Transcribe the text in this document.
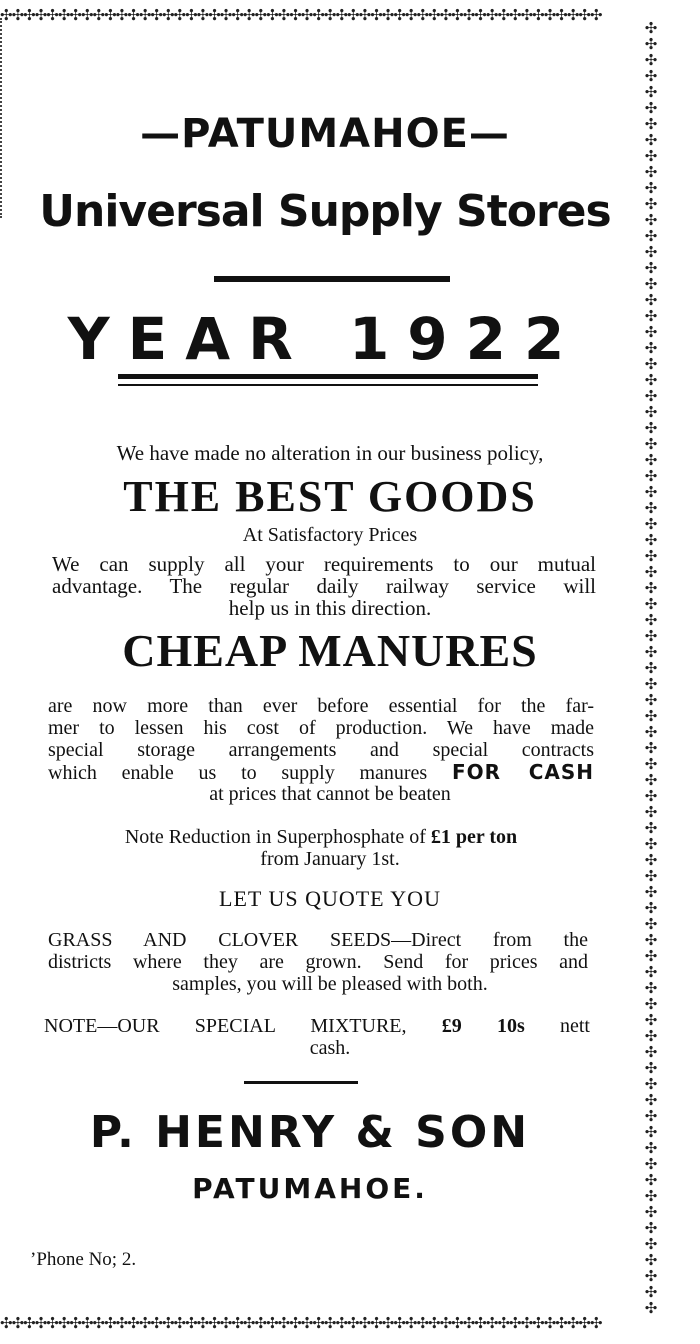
✣✣✣✣✣✣✣✣✣✣✣✣✣✣✣✣✣✣✣✣✣✣✣✣✣✣✣✣✣✣✣✣✣✣✣✣✣✣✣✣✣✣✣✣✣✣✣✣✣✣✣✣
✣✣✣✣✣✣✣✣✣✣✣✣✣✣✣✣✣✣✣✣✣✣✣✣✣✣✣✣✣✣✣✣✣✣✣✣✣✣✣✣✣✣✣✣✣✣✣✣✣✣✣✣
✣✣✣✣✣✣✣✣✣✣✣✣✣✣✣✣✣✣✣✣✣✣✣✣✣✣✣✣✣✣✣✣✣✣✣✣✣✣✣✣✣✣✣✣✣✣✣✣✣✣✣✣✣✣✣✣✣✣✣✣✣✣✣✣✣✣✣✣✣✣✣✣✣✣✣✣✣✣✣✣✣
—PATUMAHOE—
Universal Supply Stores
YEAR 1922
We have made no alteration in our business policy,
THE BEST GOODS
At Satisfactory Prices
We can supply all your requirements to our mutual
advantage. The regular daily railway service will
help us in this direction.
CHEAP MANURES
are now more than ever before essential for the far-
mer to lessen his cost of production. We have made
special storage arrangements and special contracts
which enable us to supply manures FOR CASH
at prices that cannot be beaten
Note Reduction in Superphosphate of £1 per ton
from January 1st.
LET US QUOTE YOU
GRASS AND CLOVER SEEDS—Direct from the
districts where they are grown. Send for prices and
samples, you will be pleased with both.
NOTE—OUR SPECIAL MIXTURE, £9 10s nett
cash.
P. HENRY & SON
PATUMAHOE.
’Phone No; 2.
